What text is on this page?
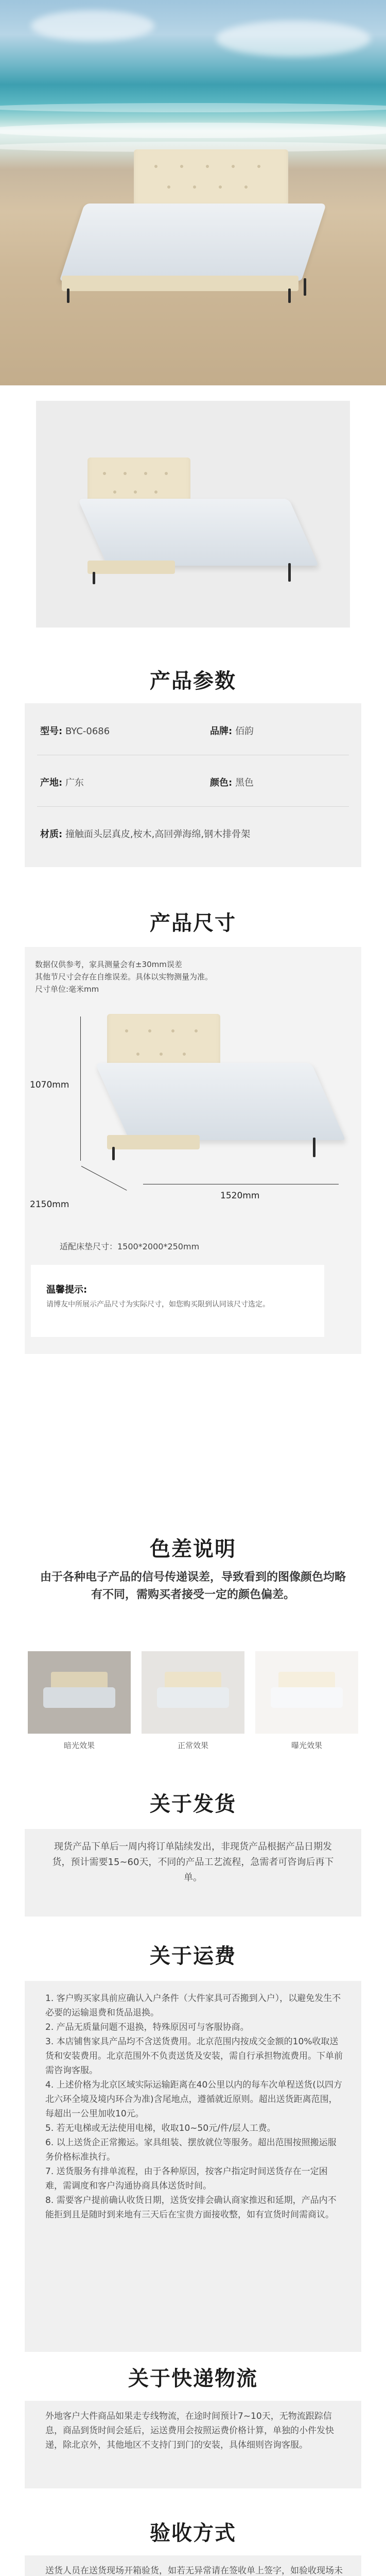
产品参数
型号: BYC-0686	品牌: 佰韵
产地: 广东	颜色: 黑色
材质: 撞触面头层真皮,桉木,高回弹海绵,钢木排骨架
产品尺寸
数据仅供参考，家具测量会有±30mm误差
其他节尺寸会存在自维误差。具体以实物测量为准。
尺寸单位:毫米mm
1070mm
2150mm
1520mm
适配床垫尺寸：1500*2000*250mm
温馨提示:
请博友中所展示产品尺寸为实际尺寸，如您购买限到认同该尺寸选定。
色差说明
由于各种电子产品的信号传递误差，导致看到的图像颜色均略有不同，需购买者接受一定的颜色偏差。
暗光效果	正常效果	曝光效果
关于发货
现货产品下单后一周内将订单陆续发出，非现货产品根据产品日期发货，预计需要15~60天，不同的产品工艺流程，急需者可咨询后再下单。
关于运费

1. 客户购买家具前应确认入户条件（大件家具可否搬到入户），以避免发生不必要的运输退费和货品退换。

2. 产品无质量问题不退换，特殊原因可与客服协商。

3. 本店铺售家具产品均不含送货费用。北京范围内按成交金额的10%收取送货和安装费用。北京范围外不负责送货及安装，需自行承担物流费用。下单前需咨询客服。

4. 上述价格为北京区域实际运输距离在40公里以内的每车次单程送货(以四方北六环全境及境内环合为准)含尾地点，遵循就近原则。超出送货距离范围，每超出一公里加收10元。

5. 若无电梯或无法使用电梯，收取10~50元/件/层人工费。

6. 以上送货企正常搬运。家具组装、摆放就位等服务。超出范围按照搬运服务价格标准执行。

7. 送货服务有排单流程，由于各种原因，按客户指定时间送货存在一定困难，需调度和客户沟通协商具体送货时间。

8. 需要客户提前确认收货日期，送货安排会确认商家推迟和延期，产品内不能拒到且是随时到来地有三天后在宝贵方面接收整，如有宣货时间需商议。

关于快递物流
外地客户大件商品如果走专线物流，在途时间预计7~10天，无物流跟踪信息，商品到货时间会延后，运送费用会按照运费价格计算，单独的小件发快递，除北京外，其他地区不支持门到门的安装，具体细则咨询客服。
验收方式
送货人员在送货现场开箱验货，如若无异常请在签收单上签字，如验收现场未
